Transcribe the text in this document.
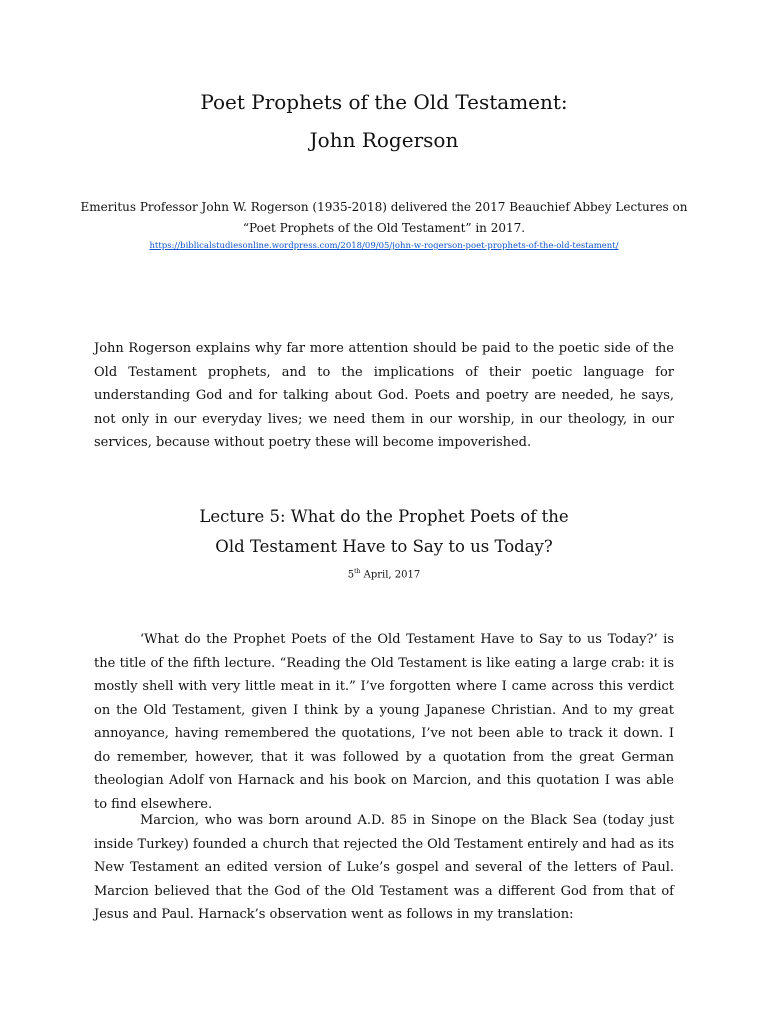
Poet Prophets of the Old Testament:
John Rogerson

Emeritus Professor John W. Rogerson (1935-2018) delivered the 2017 Beauchief Abbey Lectures on

“Poet Prophets of the Old Testament” in 2017.

https://biblicalstudiesonline.wordpress.com/2018/09/05/john-w-rogerson-poet-prophets-of-the-old-testament/

John Rogerson explains why far more attention should be paid to the poetic side of the Old Testament prophets, and to the implications of their poetic language for understanding God and for talking about God. Poets and poetry are needed, he says, not only in our everyday lives; we need them in our worship, in our theology, in our services, because without poetry these will become impoverished.

Lecture 5: What do the Prophet Poets of the
Old Testament Have to Say to us Today?
5th April, 2017

‘What do the Prophet Poets of the Old Testament Have to Say to us Today?’ is the title of the fifth lecture. “Reading the Old Testament is like eating a large crab: it is mostly shell with very little meat in it.” I’ve forgotten where I came across this verdict on the Old Testament, given I think by a young Japanese Christian. And to my great annoyance, having remembered the quotations, I’ve not been able to track it down. I do remember, however, that it was followed by a quotation from the great German theologian Adolf von Harnack and his book on Marcion, and this quotation I was able to find elsewhere.

Marcion, who was born around A.D. 85 in Sinope on the Black Sea (today just inside Turkey) founded a church that rejected the Old Testament entirely and had as its New Testament an edited version of Luke’s gospel and several of the letters of Paul. Marcion believed that the God of the Old Testament was a different God from that of Jesus and Paul. Harnack’s observation went as follows in my translation:
